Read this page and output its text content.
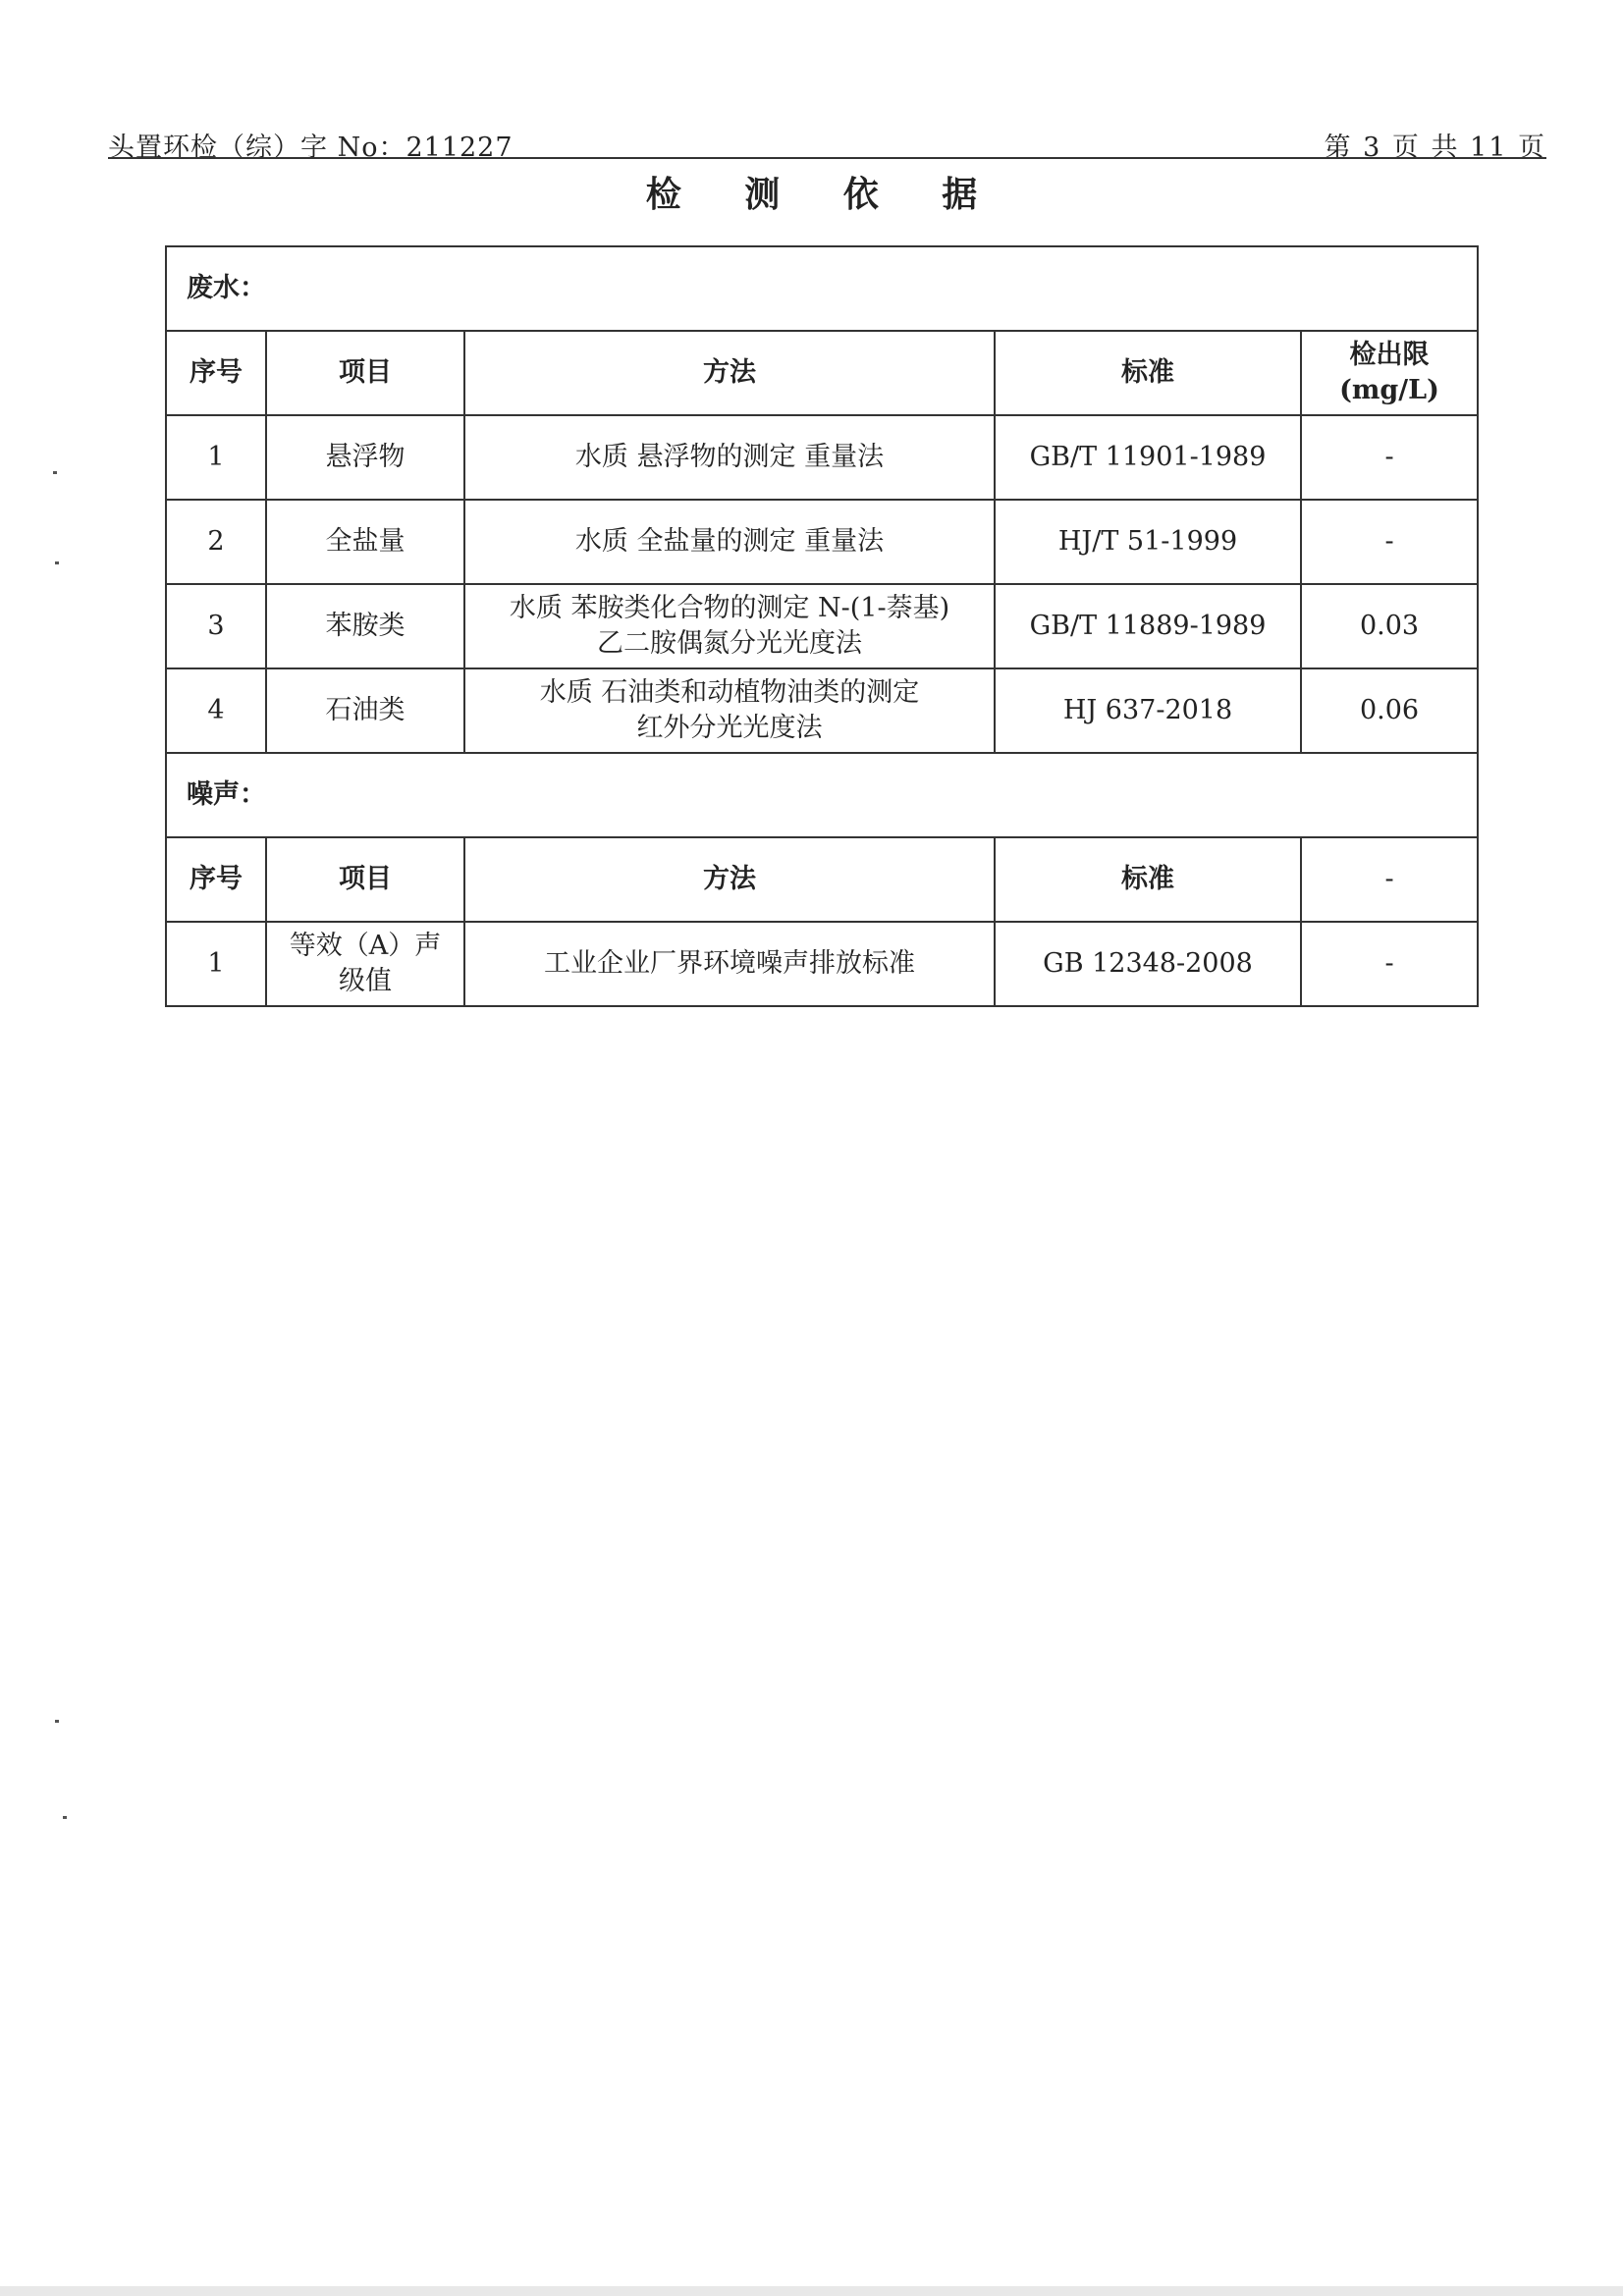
头置环检（综）字 No：211227	第 3 页 共 11 页
检 测 依 据
废水：				
序号	项目	方法	标准	检出限
(mg/L)

1	悬浮物	水质 悬浮物的测定 重量法	GB/T 11901-1989	-
2	全盐量	水质 全盐量的测定 重量法	HJ/T 51-1999	-
3	苯胺类	水质 苯胺类化合物的测定 N-(1-萘基)
乙二胺偶氮分光光度法	GB/T 11889-1989	0.03
4	石油类	水质 石油类和动植物油类的测定
红外分光光度法	HJ 637-2018	0.06
噪声：				
序号	项目	方法	标准	-
1	等效（A）声
级值	工业企业厂界环境噪声排放标准	GB 12348-2008	-
